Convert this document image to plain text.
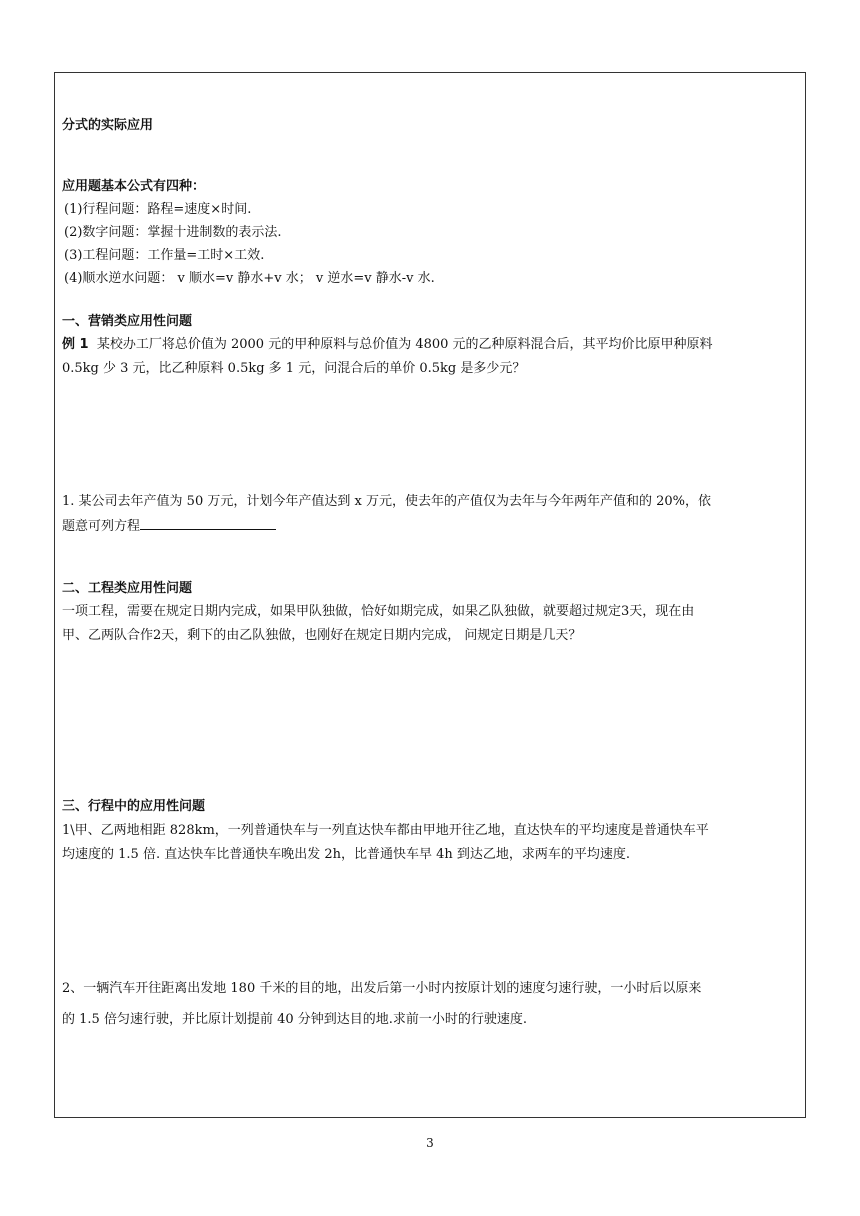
分式的实际应用
应用题基本公式有四种：
(1)行程问题：路程=速度×时间.
(2)数字问题：掌握十进制数的表示法.
(3)工程问题：工作量=工时×工效.
(4)顺水逆水问题： v 顺水=v 静水+v 水； v 逆水=v 静水-v 水.
一、营销类应用性问题
例 1 某校办工厂将总价值为 2000 元的甲种原料与总价值为 4800 元的乙种原料混合后，其平均价比原甲种原料
0.5kg 少 3 元，比乙种原料 0.5kg 多 1 元，问混合后的单价 0.5kg 是多少元？
1. 某公司去年产值为 50 万元，计划今年产值达到 x 万元，使去年的产值仅为去年与今年两年产值和的 20%，依
题意可列方程
二、工程类应用性问题
一项工程，需要在规定日期内完成，如果甲队独做，恰好如期完成，如果乙队独做，就要超过规定3天，现在由
甲、乙两队合作2天，剩下的由乙队独做，也刚好在规定日期内完成， 问规定日期是几天？
三、行程中的应用性问题
1\甲、乙两地相距 828km，一列普通快车与一列直达快车都由甲地开往乙地，直达快车的平均速度是普通快车平
均速度的 1.5 倍. 直达快车比普通快车晚出发 2h，比普通快车早 4h 到达乙地，求两车的平均速度.
2、一辆汽车开往距离出发地 180 千米的目的地，出发后第一小时内按原计划的速度匀速行驶，一小时后以原来
的 1.5 倍匀速行驶，并比原计划提前 40 分钟到达目的地.求前一小时的行驶速度.
3
